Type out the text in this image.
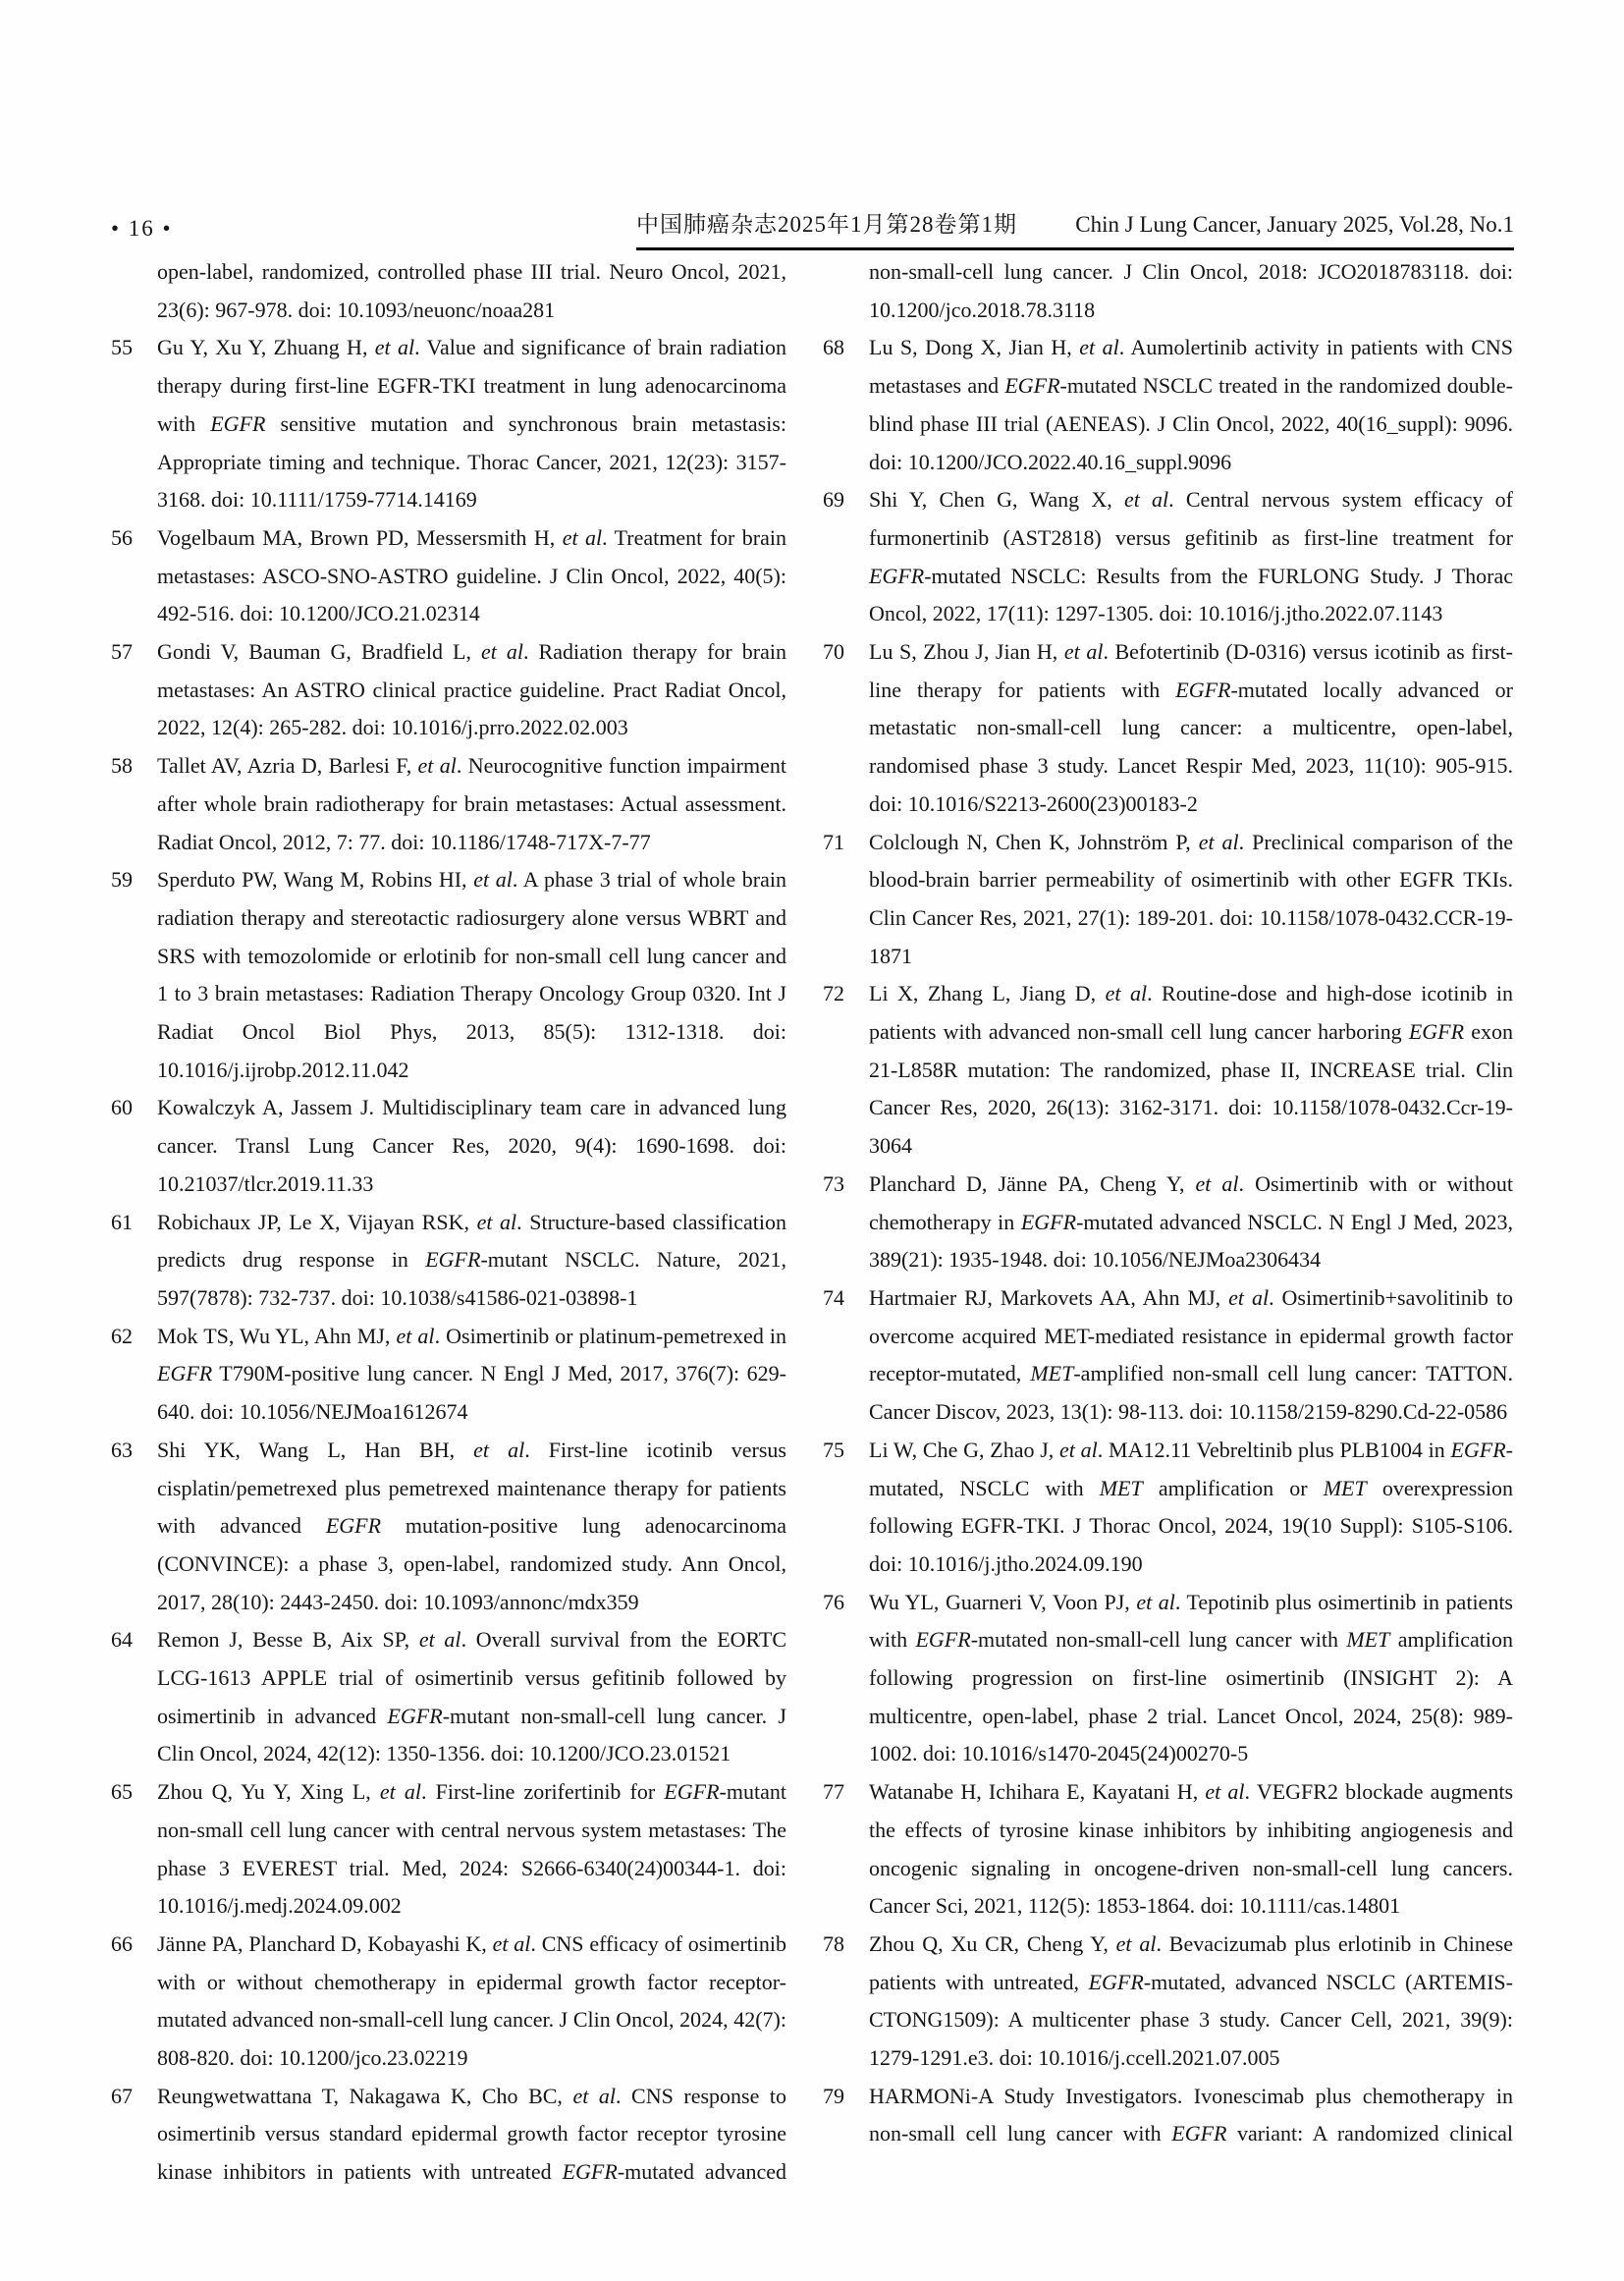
• 16 •	中国肺癌杂志2025年1月第28卷第1期	Chin J Lung Cancer, January 2025, Vol.28, No.1
open-label, randomized, controlled phase III trial. Neuro Oncol, 2021, 23(6): 967-978. doi: 10.1093/neuonc/noaa281
55 Gu Y, Xu Y, Zhuang H, et al. Value and significance of brain radiation therapy during first-line EGFR-TKI treatment in lung adenocarcinoma with EGFR sensitive mutation and synchronous brain metastasis: Appropriate timing and technique. Thorac Cancer, 2021, 12(23): 3157-3168. doi: 10.1111/1759-7714.14169
56 Vogelbaum MA, Brown PD, Messersmith H, et al. Treatment for brain metastases: ASCO-SNO-ASTRO guideline. J Clin Oncol, 2022, 40(5): 492-516. doi: 10.1200/JCO.21.02314
57 Gondi V, Bauman G, Bradfield L, et al. Radiation therapy for brain metastases: An ASTRO clinical practice guideline. Pract Radiat Oncol, 2022, 12(4): 265-282. doi: 10.1016/j.prro.2022.02.003
58 Tallet AV, Azria D, Barlesi F, et al. Neurocognitive function impairment after whole brain radiotherapy for brain metastases: Actual assessment. Radiat Oncol, 2012, 7: 77. doi: 10.1186/1748-717X-7-77
59 Sperduto PW, Wang M, Robins HI, et al. A phase 3 trial of whole brain radiation therapy and stereotactic radiosurgery alone versus WBRT and SRS with temozolomide or erlotinib for non-small cell lung cancer and 1 to 3 brain metastases: Radiation Therapy Oncology Group 0320. Int J Radiat Oncol Biol Phys, 2013, 85(5): 1312-1318. doi: 10.1016/j.ijrobp.2012.11.042
60 Kowalczyk A, Jassem J. Multidisciplinary team care in advanced lung cancer. Transl Lung Cancer Res, 2020, 9(4): 1690-1698. doi: 10.21037/tlcr.2019.11.33
61 Robichaux JP, Le X, Vijayan RSK, et al. Structure-based classification predicts drug response in EGFR-mutant NSCLC. Nature, 2021, 597(7878): 732-737. doi: 10.1038/s41586-021-03898-1
62 Mok TS, Wu YL, Ahn MJ, et al. Osimertinib or platinum-pemetrexed in EGFR T790M-positive lung cancer. N Engl J Med, 2017, 376(7): 629-640. doi: 10.1056/NEJMoa1612674
63 Shi YK, Wang L, Han BH, et al. First-line icotinib versus cisplatin/pemetrexed plus pemetrexed maintenance therapy for patients with advanced EGFR mutation-positive lung adenocarcinoma (CONVINCE): a phase 3, open-label, randomized study. Ann Oncol, 2017, 28(10): 2443-2450. doi: 10.1093/annonc/mdx359
64 Remon J, Besse B, Aix SP, et al. Overall survival from the EORTC LCG-1613 APPLE trial of osimertinib versus gefitinib followed by osimertinib in advanced EGFR-mutant non-small-cell lung cancer. J Clin Oncol, 2024, 42(12): 1350-1356. doi: 10.1200/JCO.23.01521
65 Zhou Q, Yu Y, Xing L, et al. First-line zorifertinib for EGFR-mutant non-small cell lung cancer with central nervous system metastases: The phase 3 EVEREST trial. Med, 2024: S2666-6340(24)00344-1. doi: 10.1016/j.medj.2024.09.002
66 Jänne PA, Planchard D, Kobayashi K, et al. CNS efficacy of osimertinib with or without chemotherapy in epidermal growth factor receptor-mutated advanced non-small-cell lung cancer. J Clin Oncol, 2024, 42(7): 808-820. doi: 10.1200/jco.23.02219
67 Reungwetwattana T, Nakagawa K, Cho BC, et al. CNS response to osimertinib versus standard epidermal growth factor receptor tyrosine kinase inhibitors in patients with untreated EGFR-mutated advanced
non-small-cell lung cancer. J Clin Oncol, 2018: JCO2018783118. doi: 10.1200/jco.2018.78.3118
68 Lu S, Dong X, Jian H, et al. Aumolertinib activity in patients with CNS metastases and EGFR-mutated NSCLC treated in the randomized double-blind phase III trial (AENEAS). J Clin Oncol, 2022, 40(16_suppl): 9096. doi: 10.1200/JCO.2022.40.16_suppl.9096
69 Shi Y, Chen G, Wang X, et al. Central nervous system efficacy of furmonertinib (AST2818) versus gefitinib as first-line treatment for EGFR-mutated NSCLC: Results from the FURLONG Study. J Thorac Oncol, 2022, 17(11): 1297-1305. doi: 10.1016/j.jtho.2022.07.1143
70 Lu S, Zhou J, Jian H, et al. Befotertinib (D-0316) versus icotinib as first-line therapy for patients with EGFR-mutated locally advanced or metastatic non-small-cell lung cancer: a multicentre, open-label, randomised phase 3 study. Lancet Respir Med, 2023, 11(10): 905-915. doi: 10.1016/S2213-2600(23)00183-2
71 Colclough N, Chen K, Johnström P, et al. Preclinical comparison of the blood-brain barrier permeability of osimertinib with other EGFR TKIs. Clin Cancer Res, 2021, 27(1): 189-201. doi: 10.1158/1078-0432.CCR-19-1871
72 Li X, Zhang L, Jiang D, et al. Routine-dose and high-dose icotinib in patients with advanced non-small cell lung cancer harboring EGFR exon 21-L858R mutation: The randomized, phase II, INCREASE trial. Clin Cancer Res, 2020, 26(13): 3162-3171. doi: 10.1158/1078-0432.Ccr-19-3064
73 Planchard D, Jänne PA, Cheng Y, et al. Osimertinib with or without chemotherapy in EGFR-mutated advanced NSCLC. N Engl J Med, 2023, 389(21): 1935-1948. doi: 10.1056/NEJMoa2306434
74 Hartmaier RJ, Markovets AA, Ahn MJ, et al. Osimertinib+savolitinib to overcome acquired MET-mediated resistance in epidermal growth factor receptor-mutated, MET-amplified non-small cell lung cancer: TATTON. Cancer Discov, 2023, 13(1): 98-113. doi: 10.1158/2159-8290.Cd-22-0586
75 Li W, Che G, Zhao J, et al. MA12.11 Vebreltinib plus PLB1004 in EGFR-mutated, NSCLC with MET amplification or MET overexpression following EGFR-TKI. J Thorac Oncol, 2024, 19(10 Suppl): S105-S106. doi: 10.1016/j.jtho.2024.09.190
76 Wu YL, Guarneri V, Voon PJ, et al. Tepotinib plus osimertinib in patients with EGFR-mutated non-small-cell lung cancer with MET amplification following progression on first-line osimertinib (INSIGHT 2): A multicentre, open-label, phase 2 trial. Lancet Oncol, 2024, 25(8): 989-1002. doi: 10.1016/s1470-2045(24)00270-5
77 Watanabe H, Ichihara E, Kayatani H, et al. VEGFR2 blockade augments the effects of tyrosine kinase inhibitors by inhibiting angiogenesis and oncogenic signaling in oncogene-driven non-small-cell lung cancers. Cancer Sci, 2021, 112(5): 1853-1864. doi: 10.1111/cas.14801
78 Zhou Q, Xu CR, Cheng Y, et al. Bevacizumab plus erlotinib in Chinese patients with untreated, EGFR-mutated, advanced NSCLC (ARTEMIS-CTONG1509): A multicenter phase 3 study. Cancer Cell, 2021, 39(9): 1279-1291.e3. doi: 10.1016/j.ccell.2021.07.005
79 HARMONi-A Study Investigators. Ivonescimab plus chemotherapy in non-small cell lung cancer with EGFR variant: A randomized clinical
